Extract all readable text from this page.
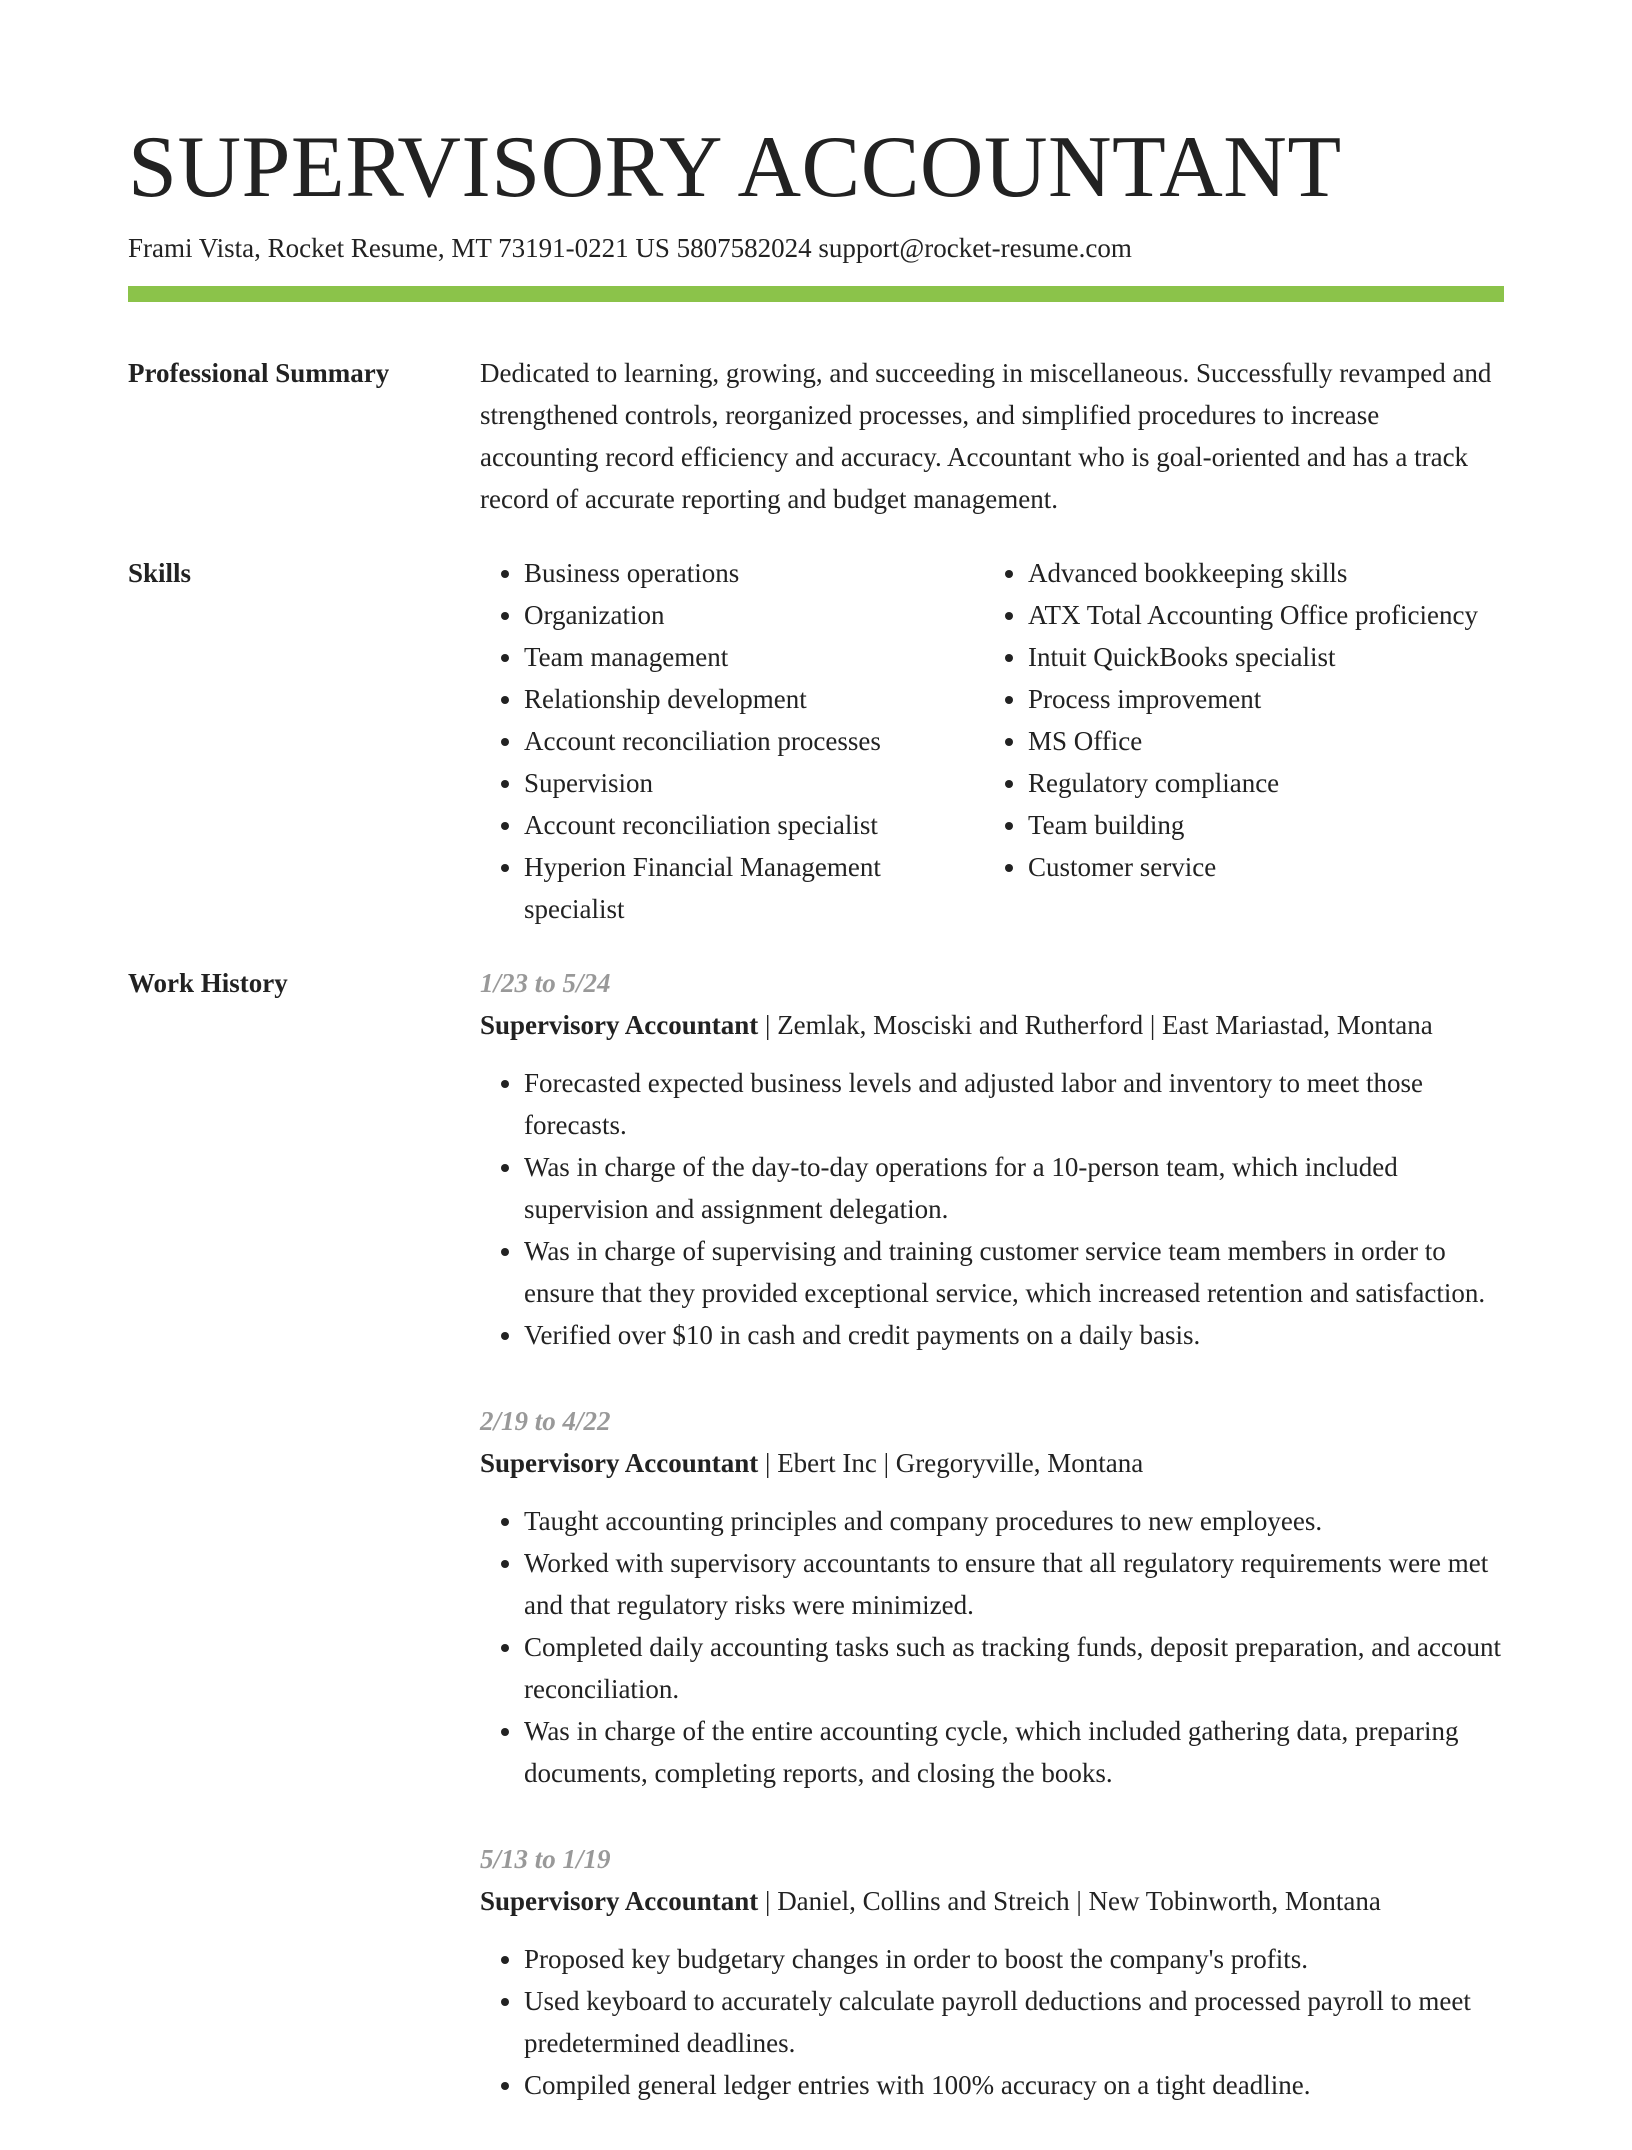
SUPERVISORY ACCOUNTANT
Frami Vista, Rocket Resume, MT 73191-0221 US 5807582024 support@rocket-resume.com
Professional Summary	Dedicated to learning, growing, and succeeding in miscellaneous. Successfully revamped and strengthened controls, reorganized processes, and simplified procedures to increase accounting record efficiency and accuracy. Accountant who is goal-oriented and has a track record of accurate reporting and budget management.
Skills
•	Business operations
• Organization
• Team management
• Relationship development
• Account reconciliation processes
• Supervision
• Account reconciliation specialist
• Hyperion Financial Management specialist
• Advanced bookkeeping skills
• ATX Total Accounting Office proficiency
• Intuit QuickBooks specialist
• Process improvement
• MS Office
• Regulatory compliance
• Team building
• Customer service
Work History	1/23 to 5/24
Supervisory Accountant | Zemlak, Mosciski and Rutherford | East Mariastad, Montana
• Forecasted expected business levels and adjusted labor and inventory to meet those forecasts.
• Was in charge of the day-to-day operations for a 10-person team, which included supervision and assignment delegation.
• Was in charge of supervising and training customer service team members in order to ensure that they provided exceptional service, which increased retention and satisfaction.
• Verified over $10 in cash and credit payments on a daily basis.
2/19 to 4/22
Supervisory Accountant | Ebert Inc | Gregoryville, Montana
• Taught accounting principles and company procedures to new employees.
• Worked with supervisory accountants to ensure that all regulatory requirements were met and that regulatory risks were minimized.
• Completed daily accounting tasks such as tracking funds, deposit preparation, and account reconciliation.
• Was in charge of the entire accounting cycle, which included gathering data, preparing documents, completing reports, and closing the books.
5/13 to 1/19
Supervisory Accountant | Daniel, Collins and Streich | New Tobinworth, Montana
• Proposed key budgetary changes in order to boost the company's profits.
• Used keyboard to accurately calculate payroll deductions and processed payroll to meet predetermined deadlines.
• Compiled general ledger entries with 100% accuracy on a tight deadline.
